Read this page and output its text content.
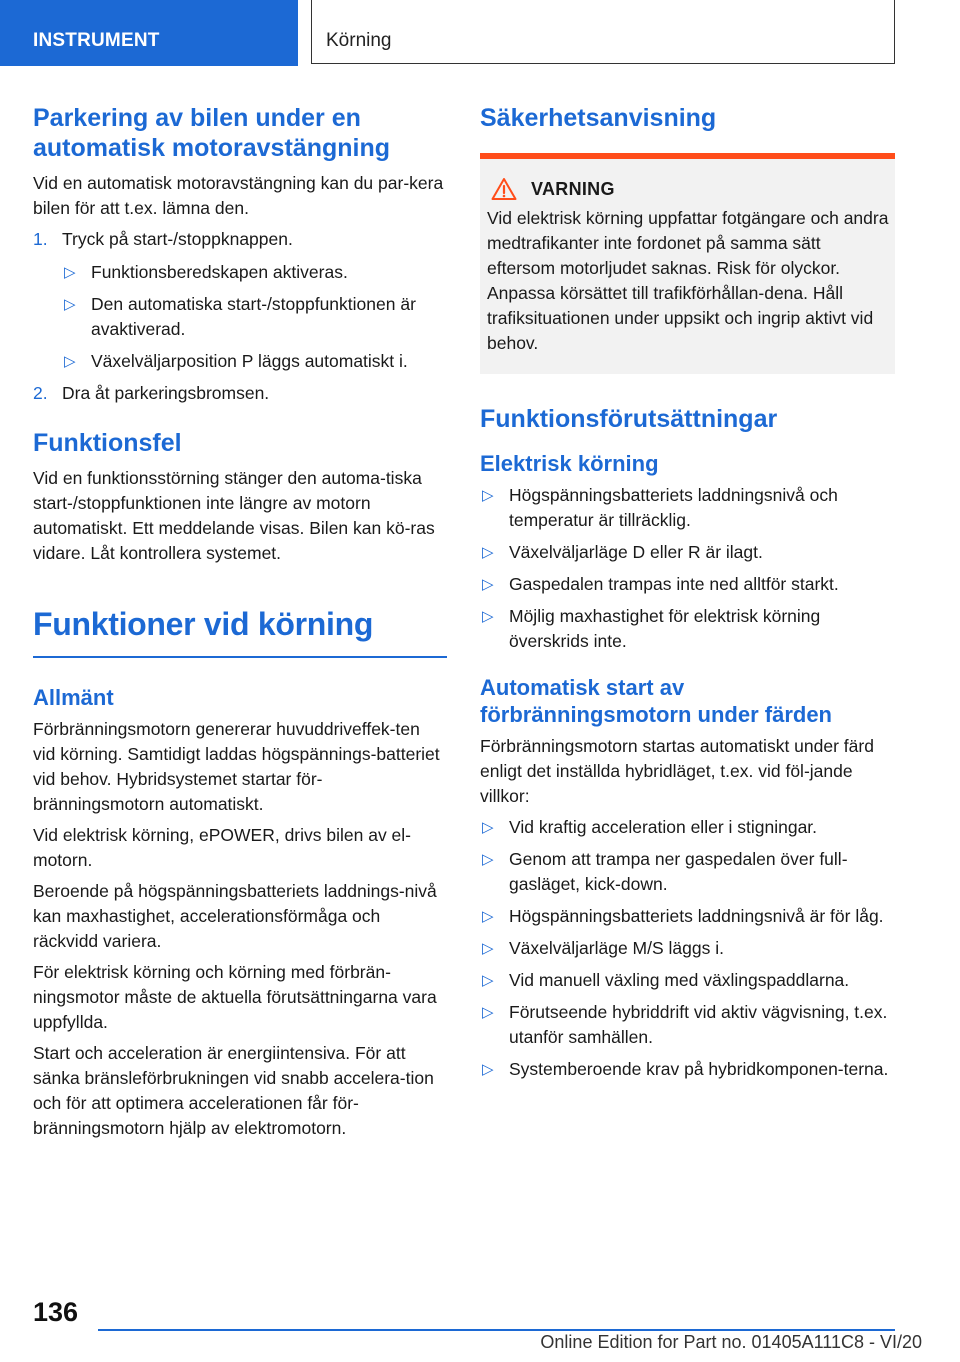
INSTRUMENT	Körning
Parkering av bilen under en automatisk motoravstängning

Vid en automatisk motoravstängning kan du par-kera bilen för att t.ex. lämna den.

1. Tryck på start-/stoppknappen.
▷ Funktionsberedskapen aktiveras.
▷ Den automatiska start-/stoppfunktionen är avaktiverad.
▷ Växelväljarposition P läggs automatiskt i.
2. Dra åt parkeringsbromsen.
Funktionsfel

Vid en funktionsstörning stänger den automa-tiska start-/stoppfunktionen inte längre av motorn automatiskt. Ett meddelande visas. Bilen kan kö-ras vidare. Låt kontrollera systemet.

Funktioner vid körning
Allmänt

Förbränningsmotorn genererar huvuddriveffek-ten vid körning. Samtidigt laddas högspännings-batteriet vid behov. Hybridsystemet startar för-bränningsmotorn automatiskt.

Vid elektrisk körning, ePOWER, drivs bilen av el-motorn.

Beroende på högspänningsbatteriets laddnings-nivå kan maxhastighet, accelerationsförmåga och räckvidd variera.

För elektrisk körning och körning med förbrän-ningsmotor måste de aktuella förutsättningarna vara uppfyllda.

Start och acceleration är energiintensiva. För att sänka bränsleförbrukningen vid snabb accelera-tion och för att optimera accelerationen får för-bränningsmotorn hjälp av elektromotorn.

Säkerhetsanvisning
VARNING

Vid elektrisk körning uppfattar fotgängare och andra medtrafikanter inte fordonet på samma sätt eftersom motorljudet saknas. Risk för olyckor. Anpassa körsättet till trafikförhållan-dena. Håll trafiksituationen under uppsikt och ingrip aktivt vid behov.

Funktionsförutsättningar
Elektrisk körning
▷ Högspänningsbatteriets laddningsnivå och temperatur är tillräcklig.
▷ Växelväljarläge D eller R är ilagt.
▷ Gaspedalen trampas inte ned alltför starkt.
▷ Möjlig maxhastighet för elektrisk körning överskrids inte.
Automatisk start av förbränningsmotorn under färden

Förbränningsmotorn startas automatiskt under färd enligt det inställda hybridläget, t.ex. vid föl-jande villkor:

▷ Vid kraftig acceleration eller i stigningar.
▷ Genom att trampa ner gaspedalen över full-gasläget, kick-down.
▷ Högspänningsbatteriets laddningsnivå är för låg.
▷ Växelväljarläge M/S läggs i.
▷ Vid manuell växling med växlingspaddlarna.
▷ Förutseende hybriddrift vid aktiv vägvisning, t.ex. utanför samhällen.
▷ Systemberoende krav på hybridkomponen-terna.
136
Online Edition for Part no. 01405A111C8 - VI/20
